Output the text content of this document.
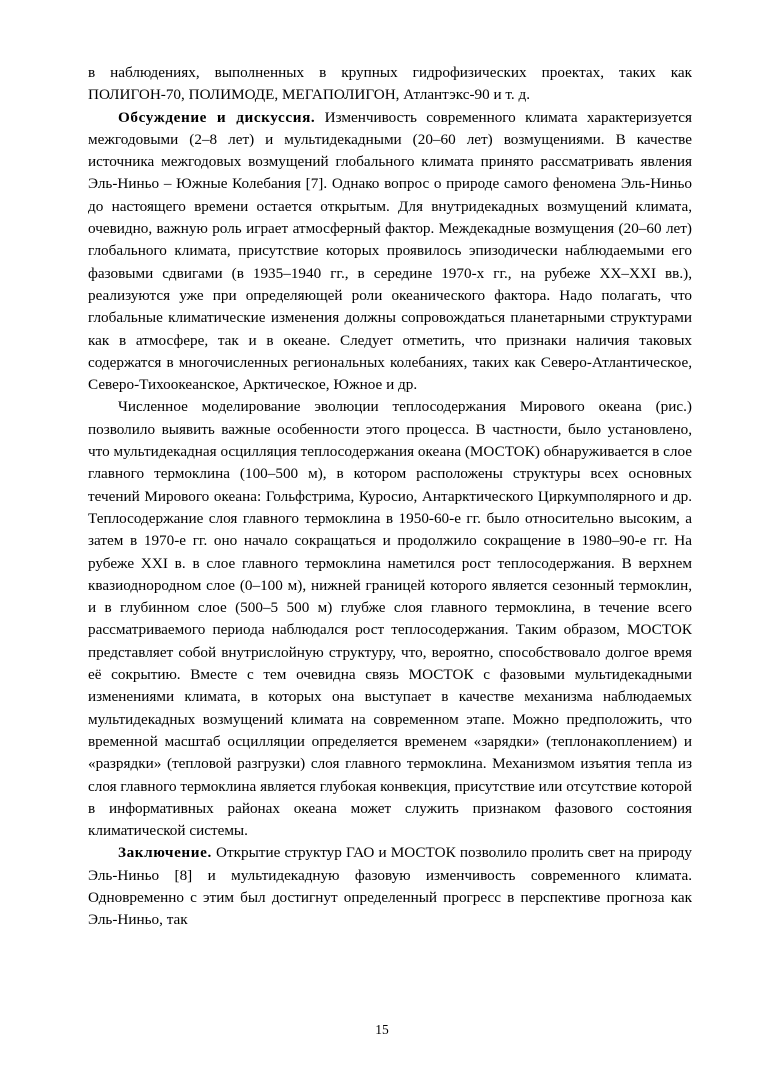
в наблюдениях, выполненных в крупных гидрофизических проектах, таких как ПОЛИГОН-70, ПОЛИМОДЕ, МЕГАПОЛИГОН, Атлантэкс-90 и т. д.

Обсуждение и дискуссия. Изменчивость современного климата характеризуется межгодовыми (2–8 лет) и мультидекадными (20–60 лет) возмущениями. В качестве источника межгодовых возмущений глобального климата принято рассматривать явления Эль-Ниньо – Южные Колебания [7]. Однако вопрос о природе самого феномена Эль-Ниньо до настоящего времени остается открытым. Для внутридекадных возмущений климата, очевидно, важную роль играет атмосферный фактор. Междекадные возмущения (20–60 лет) глобального климата, присутствие которых проявилось эпизодически наблюдаемыми его фазовыми сдвигами (в 1935–1940 гг., в середине 1970-х гг., на рубеже XX–XXI вв.), реализуются уже при определяющей роли океанического фактора. Надо полагать, что глобальные климатические изменения должны сопровождаться планетарными структурами как в атмосфере, так и в океане. Следует отметить, что признаки наличия таковых содержатся в многочисленных региональных колебаниях, таких как Северо-Атлантическое, Северо-Тихоокеанское, Арктическое, Южное и др.

Численное моделирование эволюции теплосодержания Мирового океана (рис.) позволило выявить важные особенности этого процесса. В частности, было установлено, что мультидекадная осцилляция теплосодержания океана (МОСТОК) обнаруживается в слое главного термоклина (100–500 м), в котором расположены структуры всех основных течений Мирового океана: Гольфстрима, Куросио, Антарктического Циркумполярного и др. Теплосодержание слоя главного термоклина в 1950-60-е гг. было относительно высоким, а затем в 1970-е гг. оно начало сокращаться и продолжило сокращение в 1980–90-е гг. На рубеже XXI в. в слое главного термоклина наметился рост теплосодержания. В верхнем квазиоднородном слое (0–100 м), нижней границей которого является сезонный термоклин, и в глубинном слое (500–5 500 м) глубже слоя главного термоклина, в течение всего рассматриваемого периода наблюдался рост теплосодержания. Таким образом, МОСТОК представляет собой внутрислойную структуру, что, вероятно, способствовало долгое время её сокрытию. Вместе с тем очевидна связь МОСТОК с фазовыми мультидекадными изменениями климата, в которых она выступает в качестве механизма наблюдаемых мультидекадных возмущений климата на современном этапе. Можно предположить, что временной масштаб осцилляции определяется временем «зарядки» (теплонакоплением) и «разрядки» (тепловой разгрузки) слоя главного термоклина. Механизмом изъятия тепла из слоя главного термоклина является глубокая конвекция, присутствие или отсутствие которой в информативных районах океана может служить признаком фазового состояния климатической системы.

Заключение. Открытие структур ГАО и МОСТОК позволило пролить свет на природу Эль-Ниньо [8] и мультидекадную фазовую изменчивость современного климата. Одновременно с этим был достигнут определенный прогресс в перспективе прогноза как Эль-Ниньо, так

15
